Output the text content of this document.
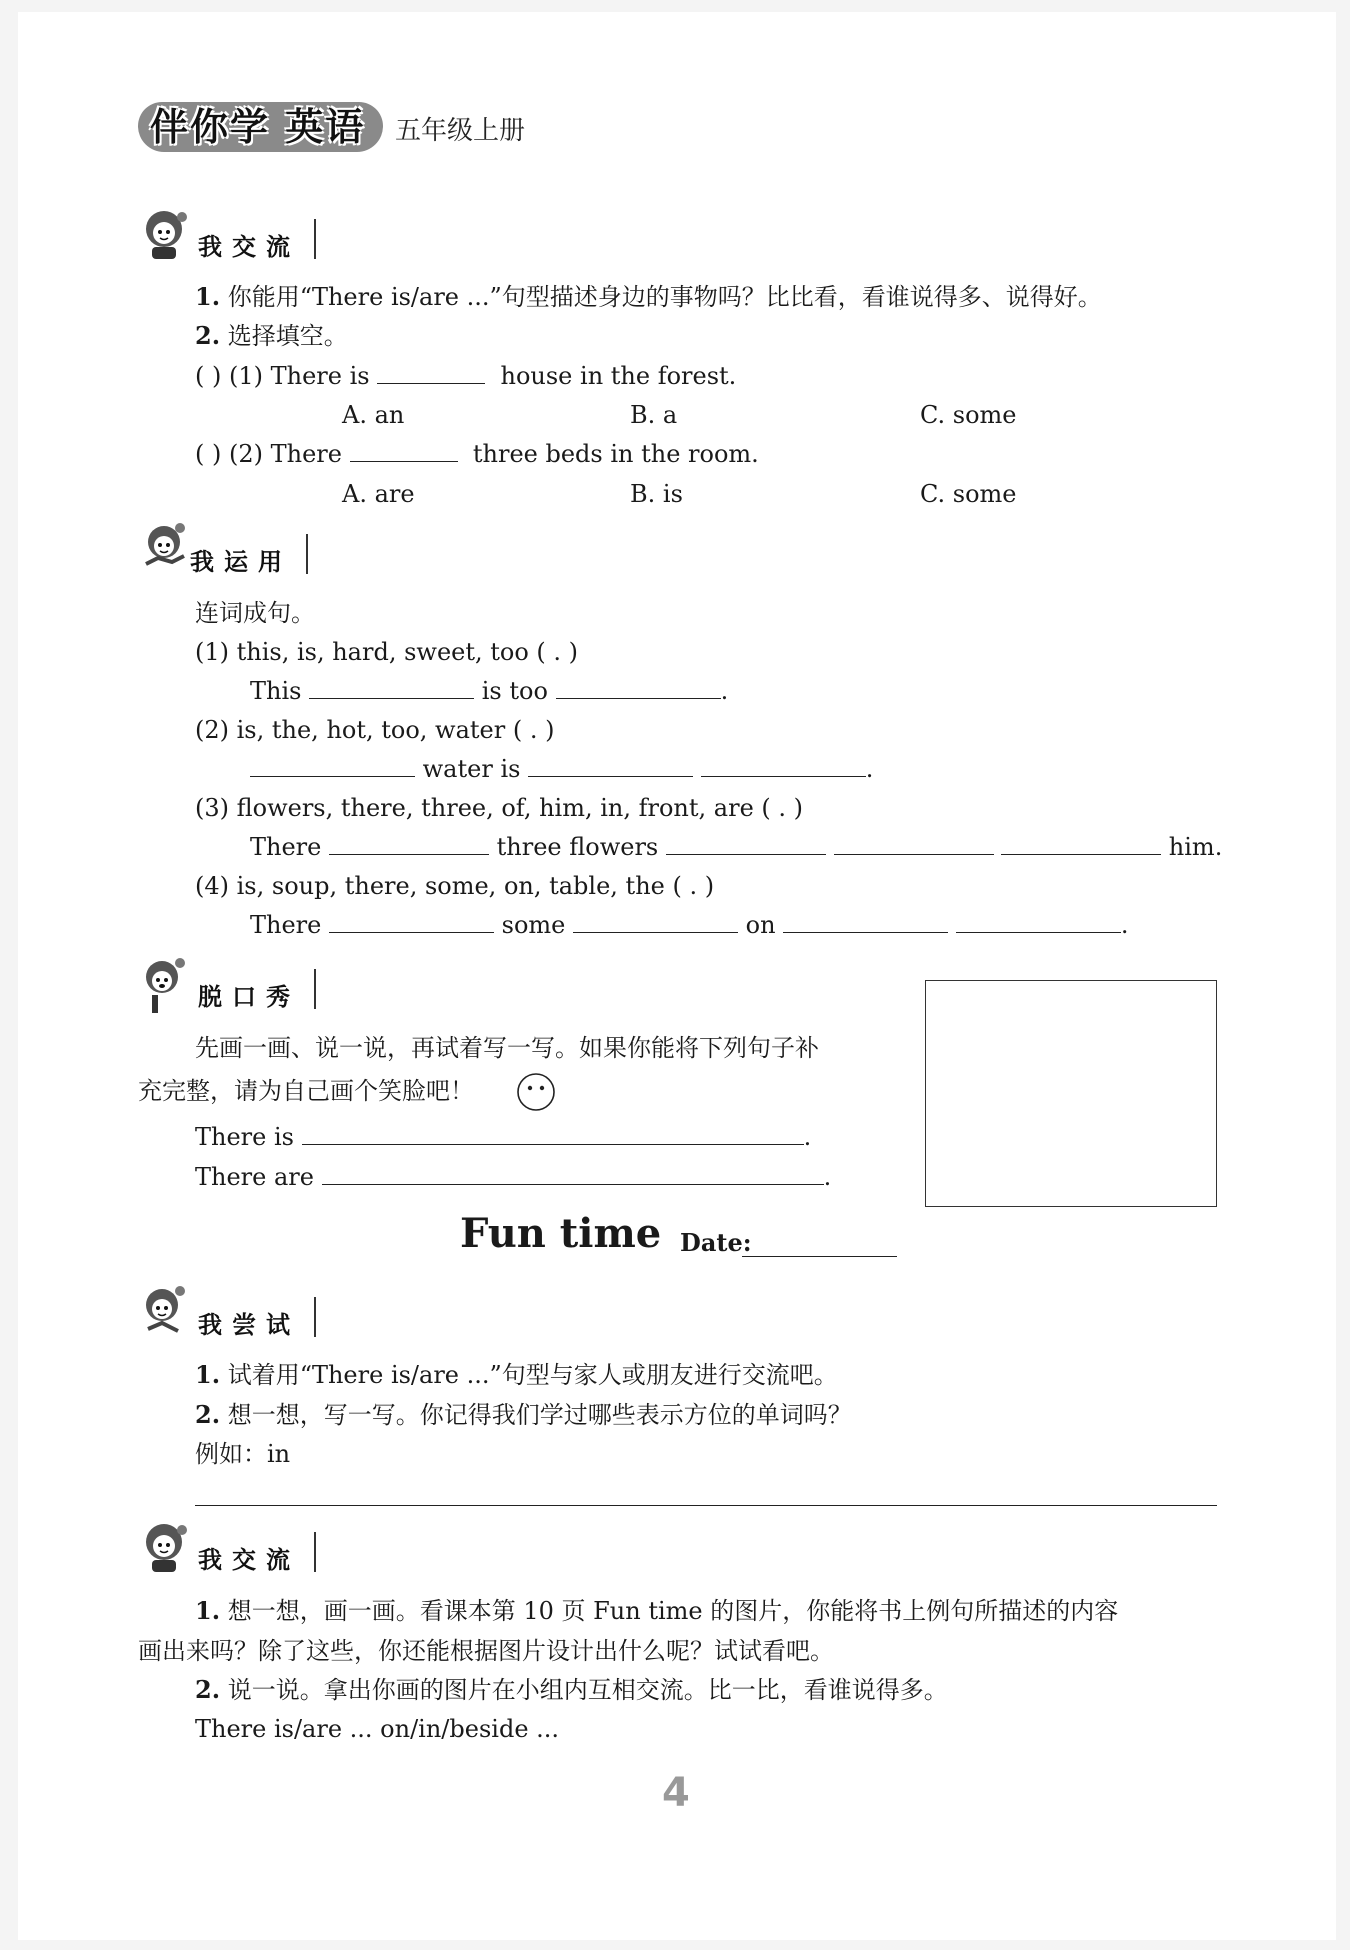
伴你学 英语 五年级上册
我交流
1. 你能用“There is/are ...”句型描述身边的事物吗？比比看，看谁说得多、说得好。
2. 选择填空。
( ) (1) There is	house in the forest.
A. an	B. a	C. some
( ) (2) There	three beds in the room.
A. are	B. is	C. some
我运用
连词成句。
(1) this, is, hard, sweet, too ( . )
This	is too	.
(2) is, the, hot, too, water ( . )
water is	.
(3) flowers, there, three, of, him, in, front, are ( . )
There	three flowers	him.
(4) is, soup, there, some, on, table, the ( . )
There	some	on	.
脱口秀
先画一画、说一说，再试着写一写。如果你能将下列句子补
充完整，请为自己画个笑脸吧！
There is	.
There are	.
Fun time Date:
我尝试
1. 试着用“There is/are ...”句型与家人或朋友进行交流吧。
2. 想一想，写一写。你记得我们学过哪些表示方位的单词吗？
例如：in
我交流
1. 想一想，画一画。看课本第 10 页 Fun time 的图片，你能将书上例句所描述的内容
画出来吗？除了这些，你还能根据图片设计出什么呢？试试看吧。
2. 说一说。拿出你画的图片在小组内互相交流。比一比，看谁说得多。
There is/are ... on/in/beside ...
4
